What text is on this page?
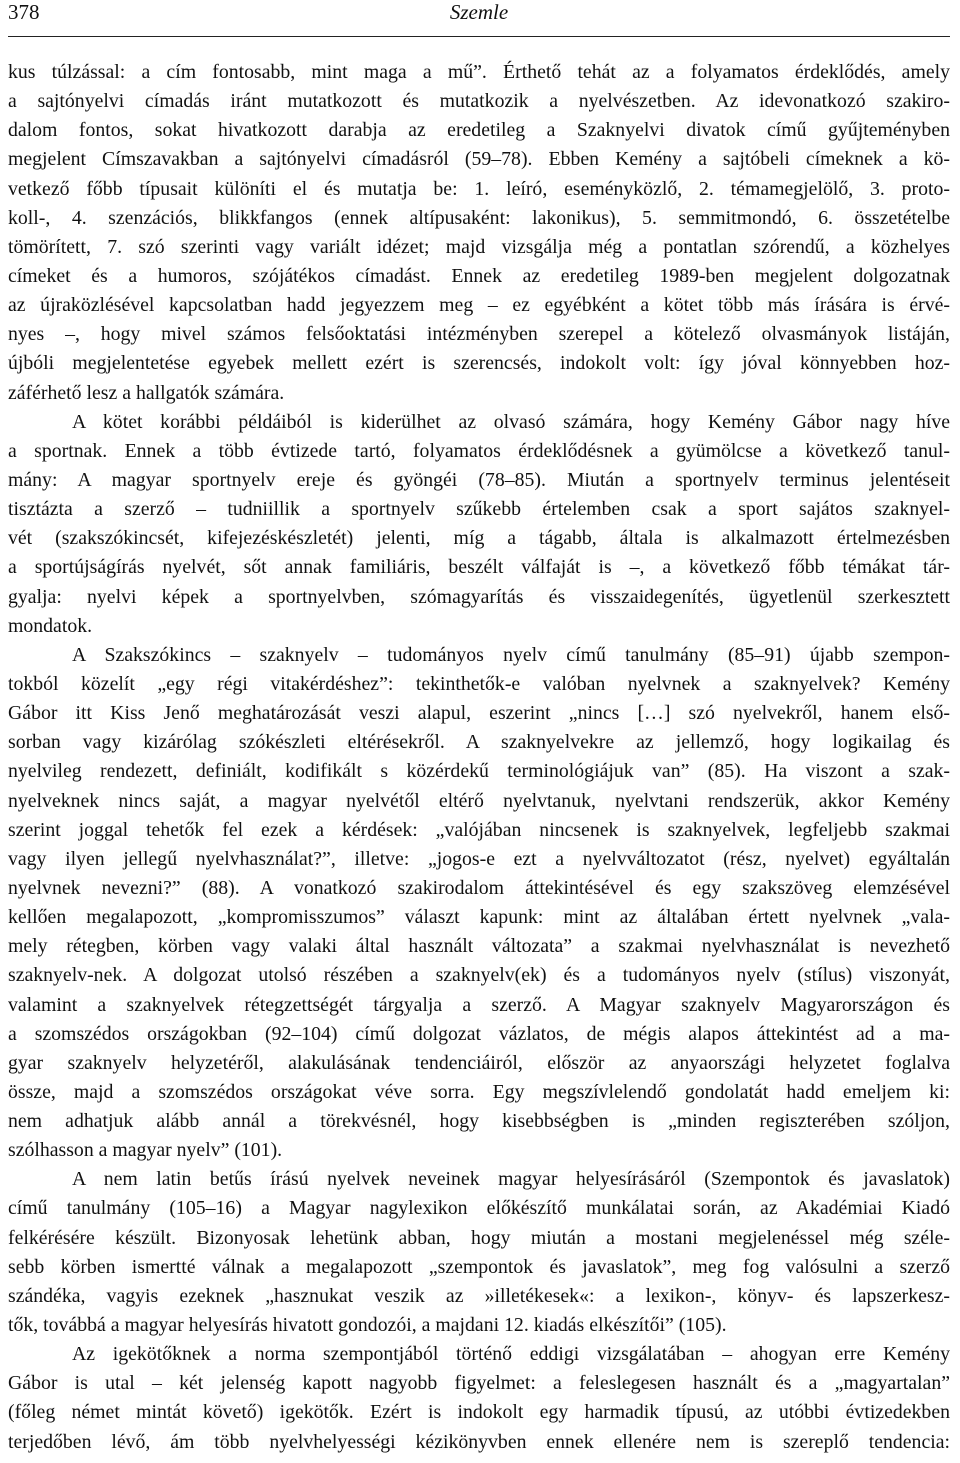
378	Szemle
kus túlzással: a cím fontosabb, mint maga a mű”. Érthető tehát az a folyamatos érdeklődés, amely
a sajtónyelvi címadás iránt mutatkozott és mutatkozik a nyelvészetben. Az idevonatkozó szakiro-
dalom fontos, sokat hivatkozott darabja az eredetileg a Szaknyelvi divatok című gyűjteményben
megjelent Címszavakban a sajtónyelvi címadásról (59–78). Ebben Kemény a sajtóbeli címeknek a kö-
vetkező főbb típusait különíti el és mutatja be: 1. leíró, eseményközlő, 2. témamegjelölő, 3. proto-
koll-, 4. szenzációs, blikkfangos (ennek altípusaként: lakonikus), 5. semmitmondó, 6. összetételbe
tömörített, 7. szó szerinti vagy variált idézet; majd vizsgálja még a pontatlan szórendű, a közhelyes
címeket és a humoros, szójátékos címadást. Ennek az eredetileg 1989-ben megjelent dolgozatnak
az újraközlésével kapcsolatban hadd jegyezzem meg – ez egyébként a kötet több más írására is érvé-
nyes –, hogy mivel számos felsőoktatási intézményben szerepel a kötelező olvasmányok listáján,
újbóli megjelentetése egyebek mellett ezért is szerencsés, indokolt volt: így jóval könnyebben hoz-
záférhető lesz a hallgatók számára.
A kötet korábbi példáiból is kiderülhet az olvasó számára, hogy Kemény Gábor nagy híve
a sportnak. Ennek a több évtizede tartó, folyamatos érdeklődésnek a gyümölcse a következő tanul-
mány: A magyar sportnyelv ereje és gyöngéi (78–85). Miután a sportnyelv terminus jelentéseit
tisztázta a szerző – tudniillik a sportnyelv szűkebb értelemben csak a sport sajátos szaknyel-
vét (szakszókincsét, kifejezéskészletét) jelenti, míg a tágabb, általa is alkalmazott értelmezésben
a sportújságírás nyelvét, sőt annak familiáris, beszélt válfaját is –, a következő főbb témákat tár-
gyalja: nyelvi képek a sportnyelvben, szómagyarítás és visszaidegenítés, ügyetlenül szerkesztett
mondatok.
A Szakszókincs – szaknyelv – tudományos nyelv című tanulmány (85–91) újabb szempon-
tokból közelít „egy régi vitakérdéshez”: tekinthetők-e valóban nyelvnek a szaknyelvek? Kemény
Gábor itt Kiss Jenő meghatározását veszi alapul, eszerint „nincs […] szó nyelvekről, hanem első-
sorban vagy kizárólag szókészleti eltérésekről. A szaknyelvekre az jellemző, hogy logikailag és
nyelvileg rendezett, definiált, kodifikált s közérdekű terminológiájuk van” (85). Ha viszont a szak-
nyelveknek nincs saját, a magyar nyelvétől eltérő nyelvtanuk, nyelvtani rendszerük, akkor Kemény
szerint joggal tehetők fel ezek a kérdések: „valójában nincsenek is szaknyelvek, legfeljebb szakmai
vagy ilyen jellegű nyelvhasználat?”, illetve: „jogos-e ezt a nyelvváltozatot (rész, nyelvet) egyáltalán
nyelvnek nevezni?” (88). A vonatkozó szakirodalom áttekintésével és egy szakszöveg elemzésével
kellően megalapozott, „kompromisszumos” választ kapunk: mint az általában értett nyelvnek „vala-
mely rétegben, körben vagy valaki által használt változata” a szakmai nyelvhasználat is nevezhető
szaknyelv-nek. A dolgozat utolsó részében a szaknyelv(ek) és a tudományos nyelv (stílus) viszonyát,
valamint a szaknyelvek rétegzettségét tárgyalja a szerző. A Magyar szaknyelv Magyarországon és
a szomszédos országokban (92–104) című dolgozat vázlatos, de mégis alapos áttekintést ad a ma-
gyar szaknyelv helyzetéről, alakulásának tendenciáiról, először az anyaországi helyzetet foglalva
össze, majd a szomszédos országokat véve sorra. Egy megszívlelendő gondolatát hadd emeljem ki:
nem adhatjuk alább annál a törekvésnél, hogy kisebbségben is „minden regiszterében szóljon,
szólhasson a magyar nyelv” (101).
A nem latin betűs írású nyelvek neveinek magyar helyesírásáról (Szempontok és javaslatok)
című tanulmány (105–16) a Magyar nagylexikon előkészítő munkálatai során, az Akadémiai Kiadó
felkérésére készült. Bizonyosak lehetünk abban, hogy miután a mostani megjelenéssel még széle-
sebb körben ismertté válnak a megalapozott „szempontok és javaslatok”, meg fog valósulni a szerző
szándéka, vagyis ezeknek „hasznukat veszik az »illetékesek«: a lexikon-, könyv- és lapszerkesz-
tők, továbbá a magyar helyesírás hivatott gondozói, a majdani 12. kiadás elkészítői” (105).
Az igekötőknek a norma szempontjából történő eddigi vizsgálatában – ahogyan erre Kemény
Gábor is utal – két jelenség kapott nagyobb figyelmet: a feleslegesen használt és a „magyartalan”
(főleg német mintát követő) igekötők. Ezért is indokolt egy harmadik típusú, az utóbbi évtizedekben
terjedőben lévő, ám több nyelvhelyességi kézikönyvben ennek ellenére nem is szereplő tendencia:
